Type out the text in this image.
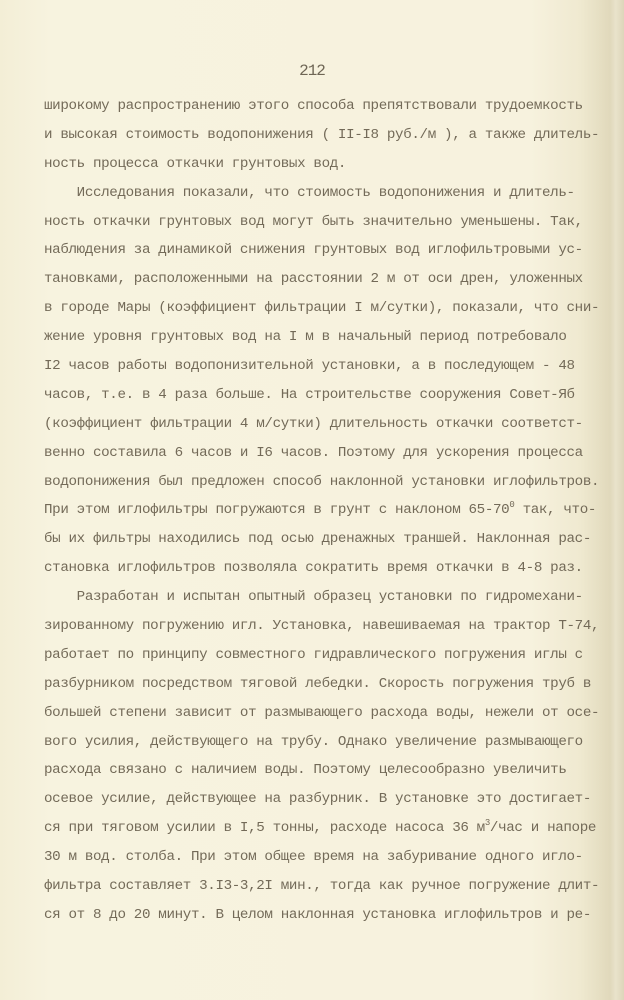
212
широкому распространению этого способа препятствовали трудоемкость
и высокая стоимость водопонижения ( II-I8 руб./м ), а также длитель-
ность процесса откачки грунтовых вод.
Исследования показали, что стоимость водопонижения и длитель-
ность откачки грунтовых вод могут быть значительно уменьшены. Так,
наблюдения за динамикой снижения грунтовых вод иглофильтровыми ус-
тановками, расположенными на расстоянии 2 м от оси дрен, уложенных
в городе Мары (коэффициент фильтрации I м/сутки), показали, что сни-
жение уровня грунтовых вод на I м в начальный период потребовало
I2 часов работы водопонизительной установки, а в последующем - 48
часов, т.е. в 4 раза больше. На строительстве сооружения Совет-Яб
(коэффициент фильтрации 4 м/сутки) длительность откачки соответст-
венно составила 6 часов и I6 часов. Поэтому для ускорения процесса
водопонижения был предложен способ наклонной установки иглофильтров.
При этом иглофильтры погружаются в грунт с наклоном $65-70^0$ так, что-
бы их фильтры находились под осью дренажных траншей. Наклонная рас-
становка иглофильтров позволяла сократить время откачки в 4-8 раз.
Разработан и испытан опытный образец установки по гидромехани-
зированному погружению игл. Установка, навешиваемая на трактор Т-74,
работает по принципу совместного гидравлического погружения иглы с
разбурником посредством тяговой лебедки. Скорость погружения труб в
большей степени зависит от размывающего расхода воды, нежели от осе-
вого усилия, действующего на трубу. Однако увеличение размывающего
расхода связано с наличием воды. Поэтому целесообразно увеличить
осевое усилие, действующее на разбурник. В установке это достигает-
ся при тяговом усилии в I,5 тонны, расходе насоса 36 $м^3$/час и напоре
30 м вод. столба. При этом общее время на забуривание одного игло-
фильтра составляет 3.I3-3,2I мин., тогда как ручное погружение длит-
ся от 8 до 20 минут. В целом наклонная установка иглофильтров и ре-
